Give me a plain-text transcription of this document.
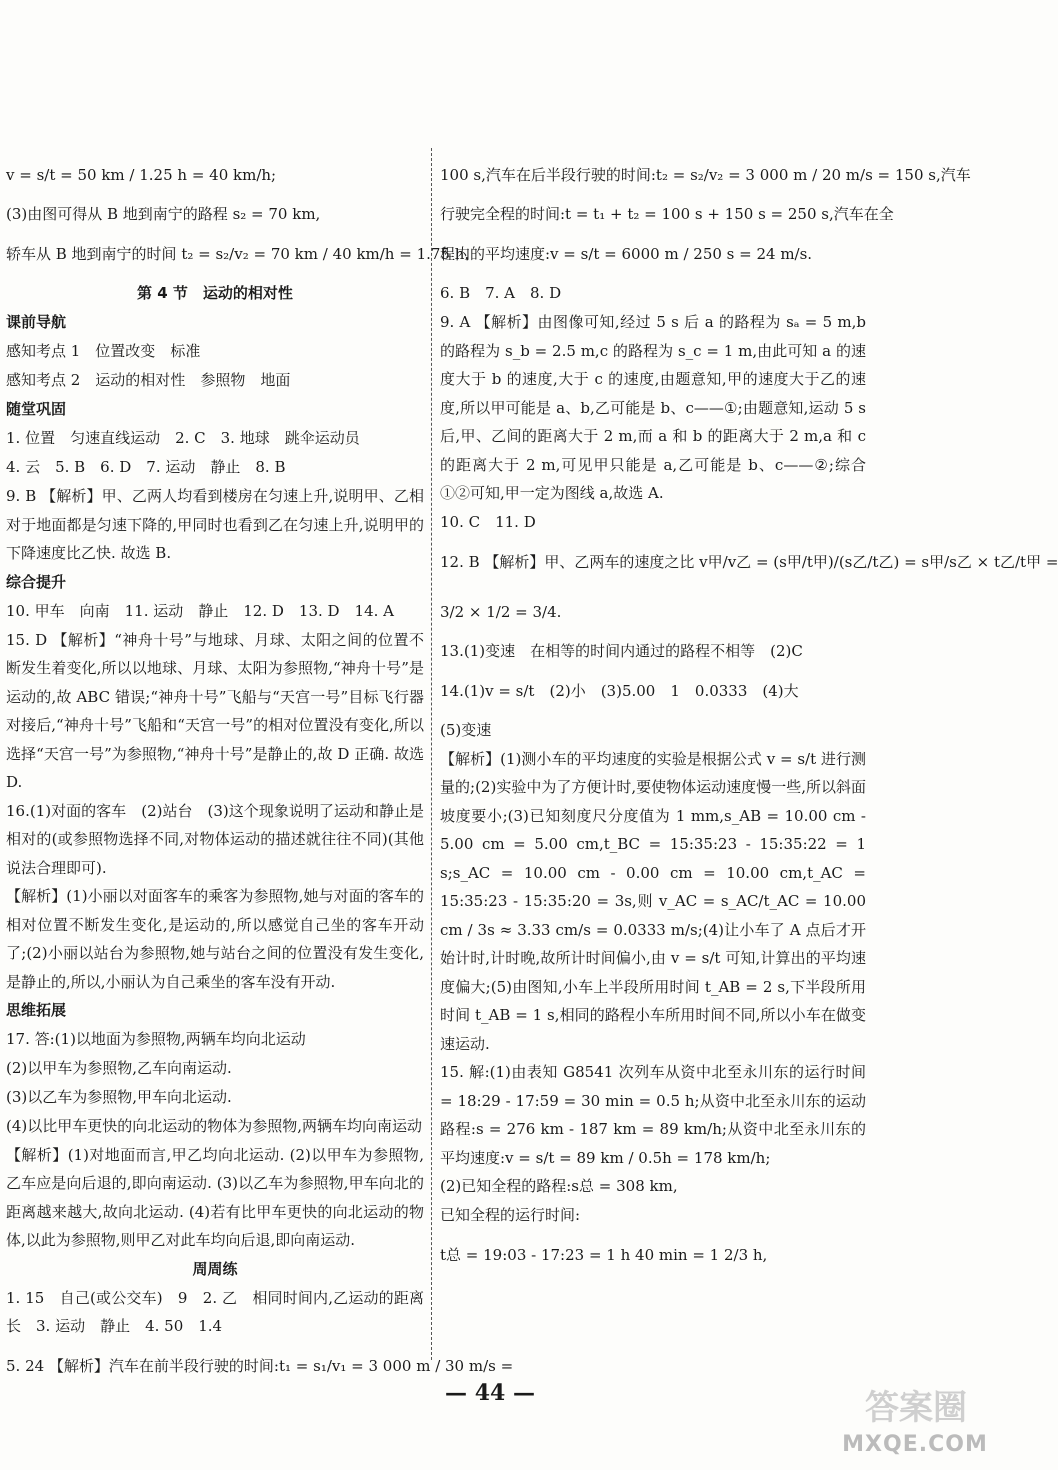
v = s/t = 50 km / 1.25 h = 40 km/h;
(3)由图可得从 B 地到南宁的路程 s₂ = 70 km,
轿车从 B 地到南宁的时间 t₂ = s₂/v₂ = 70 km / 40 km/h = 1.75 h.
第 4 节　运动的相对性
课前导航
感知考点 1　位置改变　标准
感知考点 2　运动的相对性　参照物　地面
随堂巩固
1. 位置　匀速直线运动　2. C　3. 地球　跳伞运动员
4. 云　5. B　6. D　7. 运动　静止　8. B
9. B 【解析】甲、乙两人均看到楼房在匀速上升,说明甲、乙相对于地面都是匀速下降的,甲同时也看到乙在匀速上升,说明甲的下降速度比乙快. 故选 B.
综合提升
10. 甲车　向南　11. 运动　静止　12. D　13. D　14. A
15. D 【解析】“神舟十号”与地球、月球、太阳之间的位置不断发生着变化,所以以地球、月球、太阳为参照物,“神舟十号”是运动的,故 ABC 错误;“神舟十号”飞船与“天宫一号”目标飞行器对接后,“神舟十号”飞船和“天宫一号”的相对位置没有变化,所以选择“天宫一号”为参照物,“神舟十号”是静止的,故 D 正确. 故选 D.
16.(1)对面的客车　(2)站台　(3)这个现象说明了运动和静止是相对的(或参照物选择不同,对物体运动的描述就往往不同)(其他说法合理即可).
【解析】(1)小丽以对面客车的乘客为参照物,她与对面的客车的相对位置不断发生变化,是运动的,所以感觉自己坐的客车开动了;(2)小丽以站台为参照物,她与站台之间的位置没有发生变化,是静止的,所以,小丽认为自己乘坐的客车没有开动.
思维拓展
17. 答:(1)以地面为参照物,两辆车均向北运动
(2)以甲车为参照物,乙车向南运动.
(3)以乙车为参照物,甲车向北运动.
(4)以比甲车更快的向北运动的物体为参照物,两辆车均向南运动
【解析】(1)对地面而言,甲乙均向北运动. (2)以甲车为参照物,乙车应是向后退的,即向南运动. (3)以乙车为参照物,甲车向北的距离越来越大,故向北运动. (4)若有比甲车更快的向北运动的物体,以此为参照物,则甲乙对此车均向后退,即向南运动.
周周练
1. 15　自己(或公交车)　9　2. 乙　相同时间内,乙运动的距离长　3. 运动　静止　4. 50　1.4
5. 24 【解析】汽车在前半段行驶的时间:t₁ = s₁/v₁ = 3 000 m / 30 m/s =
100 s,汽车在后半段行驶的时间:t₂ = s₂/v₂ = 3 000 m / 20 m/s = 150 s,汽车
行驶完全程的时间:t = t₁ + t₂ = 100 s + 150 s = 250 s,汽车在全
程内的平均速度:v = s/t = 6000 m / 250 s = 24 m/s.
6. B　7. A　8. D
9. A 【解析】由图像可知,经过 5 s 后 a 的路程为 sₐ = 5 m,b 的路程为 s_b = 2.5 m,c 的路程为 s_c = 1 m,由此可知 a 的速度大于 b 的速度,大于 c 的速度,由题意知,甲的速度大于乙的速度,所以甲可能是 a、b,乙可能是 b、c——①;由题意知,运动 5 s 后,甲、乙间的距离大于 2 m,而 a 和 b 的距离大于 2 m,a 和 c 的距离大于 2 m,可见甲只能是 a,乙可能是 b、c——②;综合①②可知,甲一定为图线 a,故选 A.
10. C　11. D
12. B 【解析】甲、乙两车的速度之比 v甲/v乙 = (s甲/t甲)/(s乙/t乙) = s甲/s乙 × t乙/t甲 =
3/2 × 1/2 = 3/4.
13.(1)变速　在相等的时间内通过的路程不相等　(2)C
14.(1)v = s/t　(2)小　(3)5.00　1　0.0333　(4)大
(5)变速
【解析】(1)测小车的平均速度的实验是根据公式 v = s/t 进行测量的;(2)实验中为了方便计时,要使物体运动速度慢一些,所以斜面坡度要小;(3)已知刻度尺分度值为 1 mm,s_AB = 10.00 cm - 5.00 cm = 5.00 cm,t_BC = 15:35:23 - 15:35:22 = 1 s;s_AC = 10.00 cm - 0.00 cm = 10.00 cm,t_AC = 15:35:23 - 15:35:20 = 3s,则 v_AC = s_AC/t_AC = 10.00 cm / 3s ≈ 3.33 cm/s = 0.0333 m/s;(4)让小车了 A 点后才开始计时,计时晚,故所计时间偏小,由 v = s/t 可知,计算出的平均速度偏大;(5)由图知,小车上半段所用时间 t_AB = 2 s,下半段所用时间 t_AB = 1 s,相同的路程小车所用时间不同,所以小车在做变速运动.
15. 解:(1)由表知 G8541 次列车从资中北至永川东的运行时间 = 18:29 - 17:59 = 30 min = 0.5 h;从资中北至永川东的运动路程:s = 276 km - 187 km = 89 km/h;从资中北至永川东的平均速度:v = s/t = 89 km / 0.5h = 178 km/h;
(2)已知全程的路程:s总 = 308 km,
已知全程的运行时间:
t总 = 19:03 - 17:23 = 1 h 40 min = 1 2/3 h,
— 44 —	答案圈
MXQE.COM
